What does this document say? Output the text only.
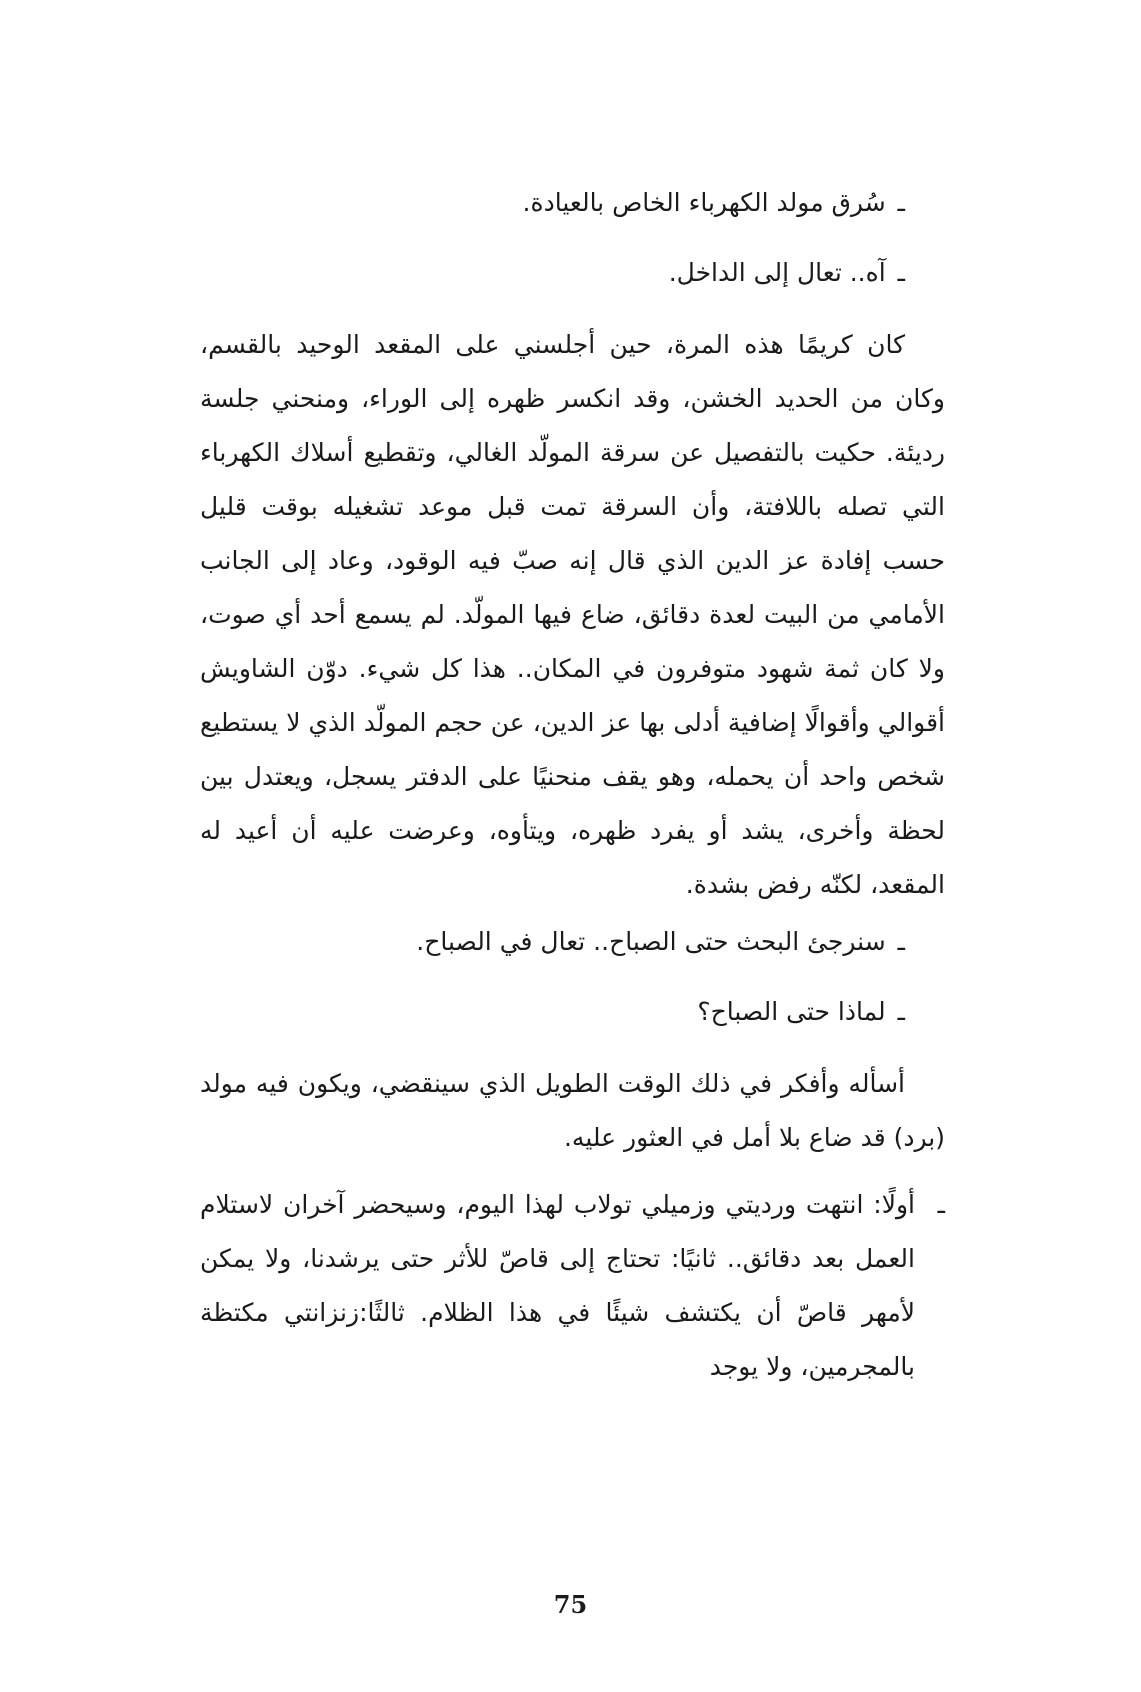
ـسُرق مولد الكهرباء الخاص بالعيادة.
ـآه.. تعال إلى الداخل.
كان كريمًا هذه المرة، حين أجلسني على المقعد الوحيد بالقسم، وكان من الحديد الخشن، وقد انكسر ظهره إلى الوراء، ومنحني جلسة رديئة. حكيت بالتفصيل عن سرقة المولّد الغالي، وتقطيع أسلاك الكهرباء التي تصله باللافتة، وأن السرقة تمت قبل موعد تشغيله بوقت قليل حسب إفادة عز الدين الذي قال إنه صبّ فيه الوقود، وعاد إلى الجانب الأمامي من البيت لعدة دقائق، ضاع فيها المولّد. لم يسمع أحد أي صوت، ولا كان ثمة شهود متوفرون في المكان.. هذا كل شيء. دوّن الشاويش أقوالي وأقوالًا إضافية أدلى بها عز الدين، عن حجم المولّد الذي لا يستطيع شخص واحد أن يحمله، وهو يقف منحنيًا على الدفتر يسجل، ويعتدل بين لحظة وأخرى، يشد أو يفرد ظهره، ويتأوه، وعرضت عليه أن أعيد له المقعد، لكنّه رفض بشدة.
ـسنرجئ البحث حتى الصباح.. تعال في الصباح.
ـلماذا حتى الصباح؟
أسأله وأفكر في ذلك الوقت الطويل الذي سينقضي، ويكون فيه مولد (برد) قد ضاع بلا أمل في العثور عليه.
ـ
أولًا: انتهت ورديتي وزميلي تولاب لهذا اليوم، وسيحضر آخران لاستلام العمل بعد دقائق.. ثانيًا: تحتاج إلى قاصّ للأثر حتى يرشدنا، ولا يمكن لأمهر قاصّ أن يكتشف شيئًا في هذا الظلام. ثالثًا:زنزانتي مكتظة بالمجرمين، ولا يوجد
75
